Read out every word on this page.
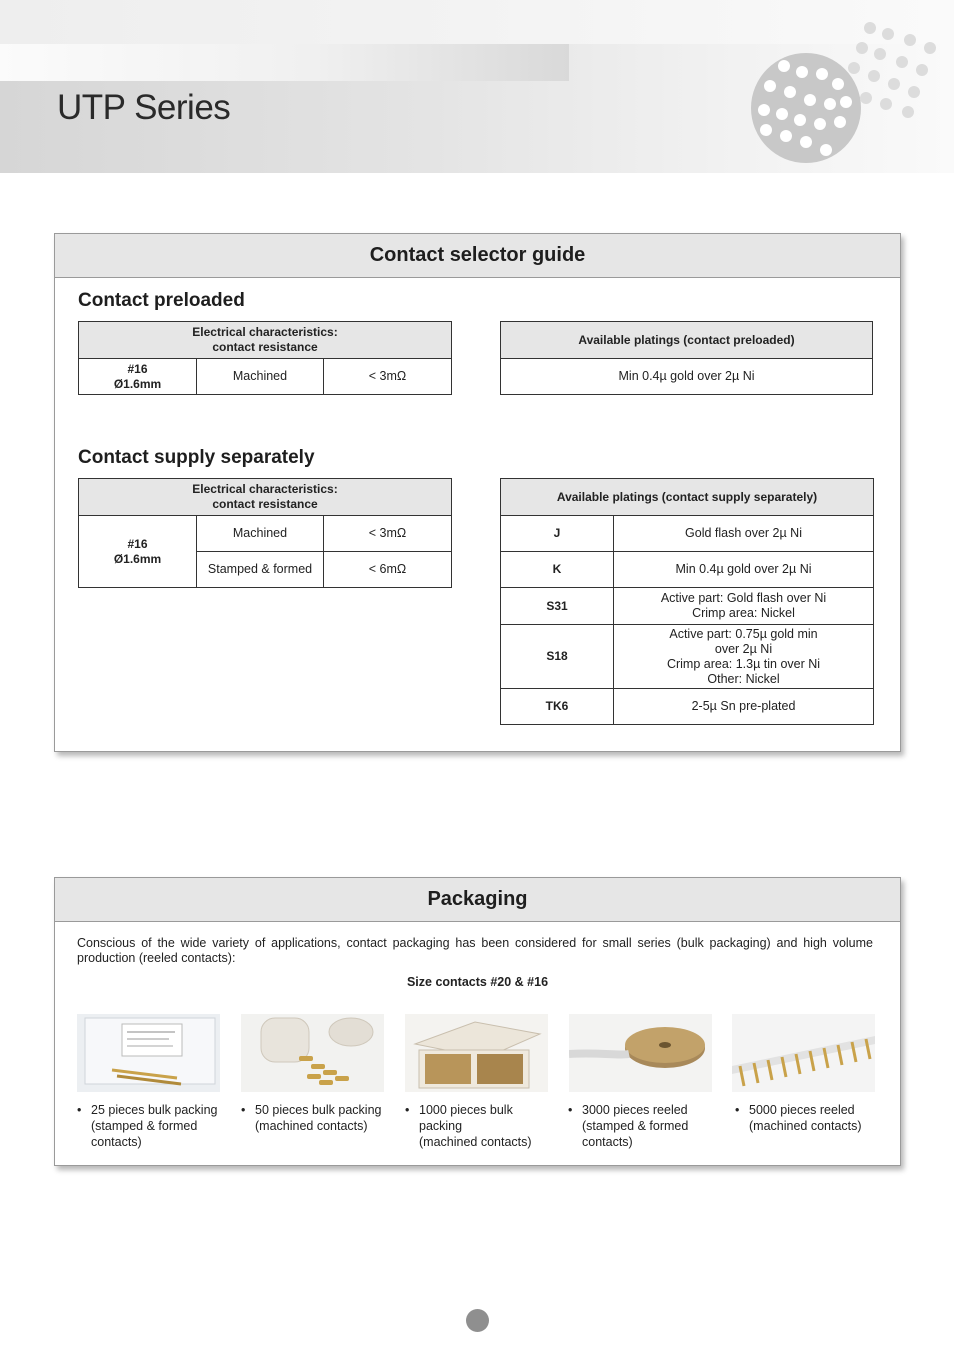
UTP Series
Contact selector guide
Contact preloaded
Electrical characteristics:
contact resistance

#16
Ø1.6mm
	Machined	< 3mΩ
Available platings (contact preloaded)
Min 0.4µ gold over 2µ Ni
Contact supply separately
Electrical characteristics:
contact resistance		

#16
Ø1.6mm	Machined	< 3mΩ
	Stamped & formed	< 6mΩ
Available platings (contact supply separately)	
J	Gold flash over 2µ Ni

K	Min 0.4µ gold over 2µ Ni

S31	Active part: Gold flash over Ni
Crimp area: Nickel

S18	Active part: 0.75µ gold min
over 2µ Ni
Crimp area: 1.3µ tin over Ni
Other: Nickel

TK6	2-5µ Sn pre-plated
Packaging

Conscious of the wide variety of applications, contact packaging has been considered for small series (bulk packaging) and high volume production (reeled contacts):

Size contacts #20 & #16
• 25 pieces bulk packing
(stamped & formed
contacts)
• 50 pieces bulk packing
(machined contacts)
• 1000 pieces bulk
packing
(machined contacts)
• 3000 pieces reeled
(stamped & formed
contacts)
• 5000 pieces reeled
(machined contacts)
